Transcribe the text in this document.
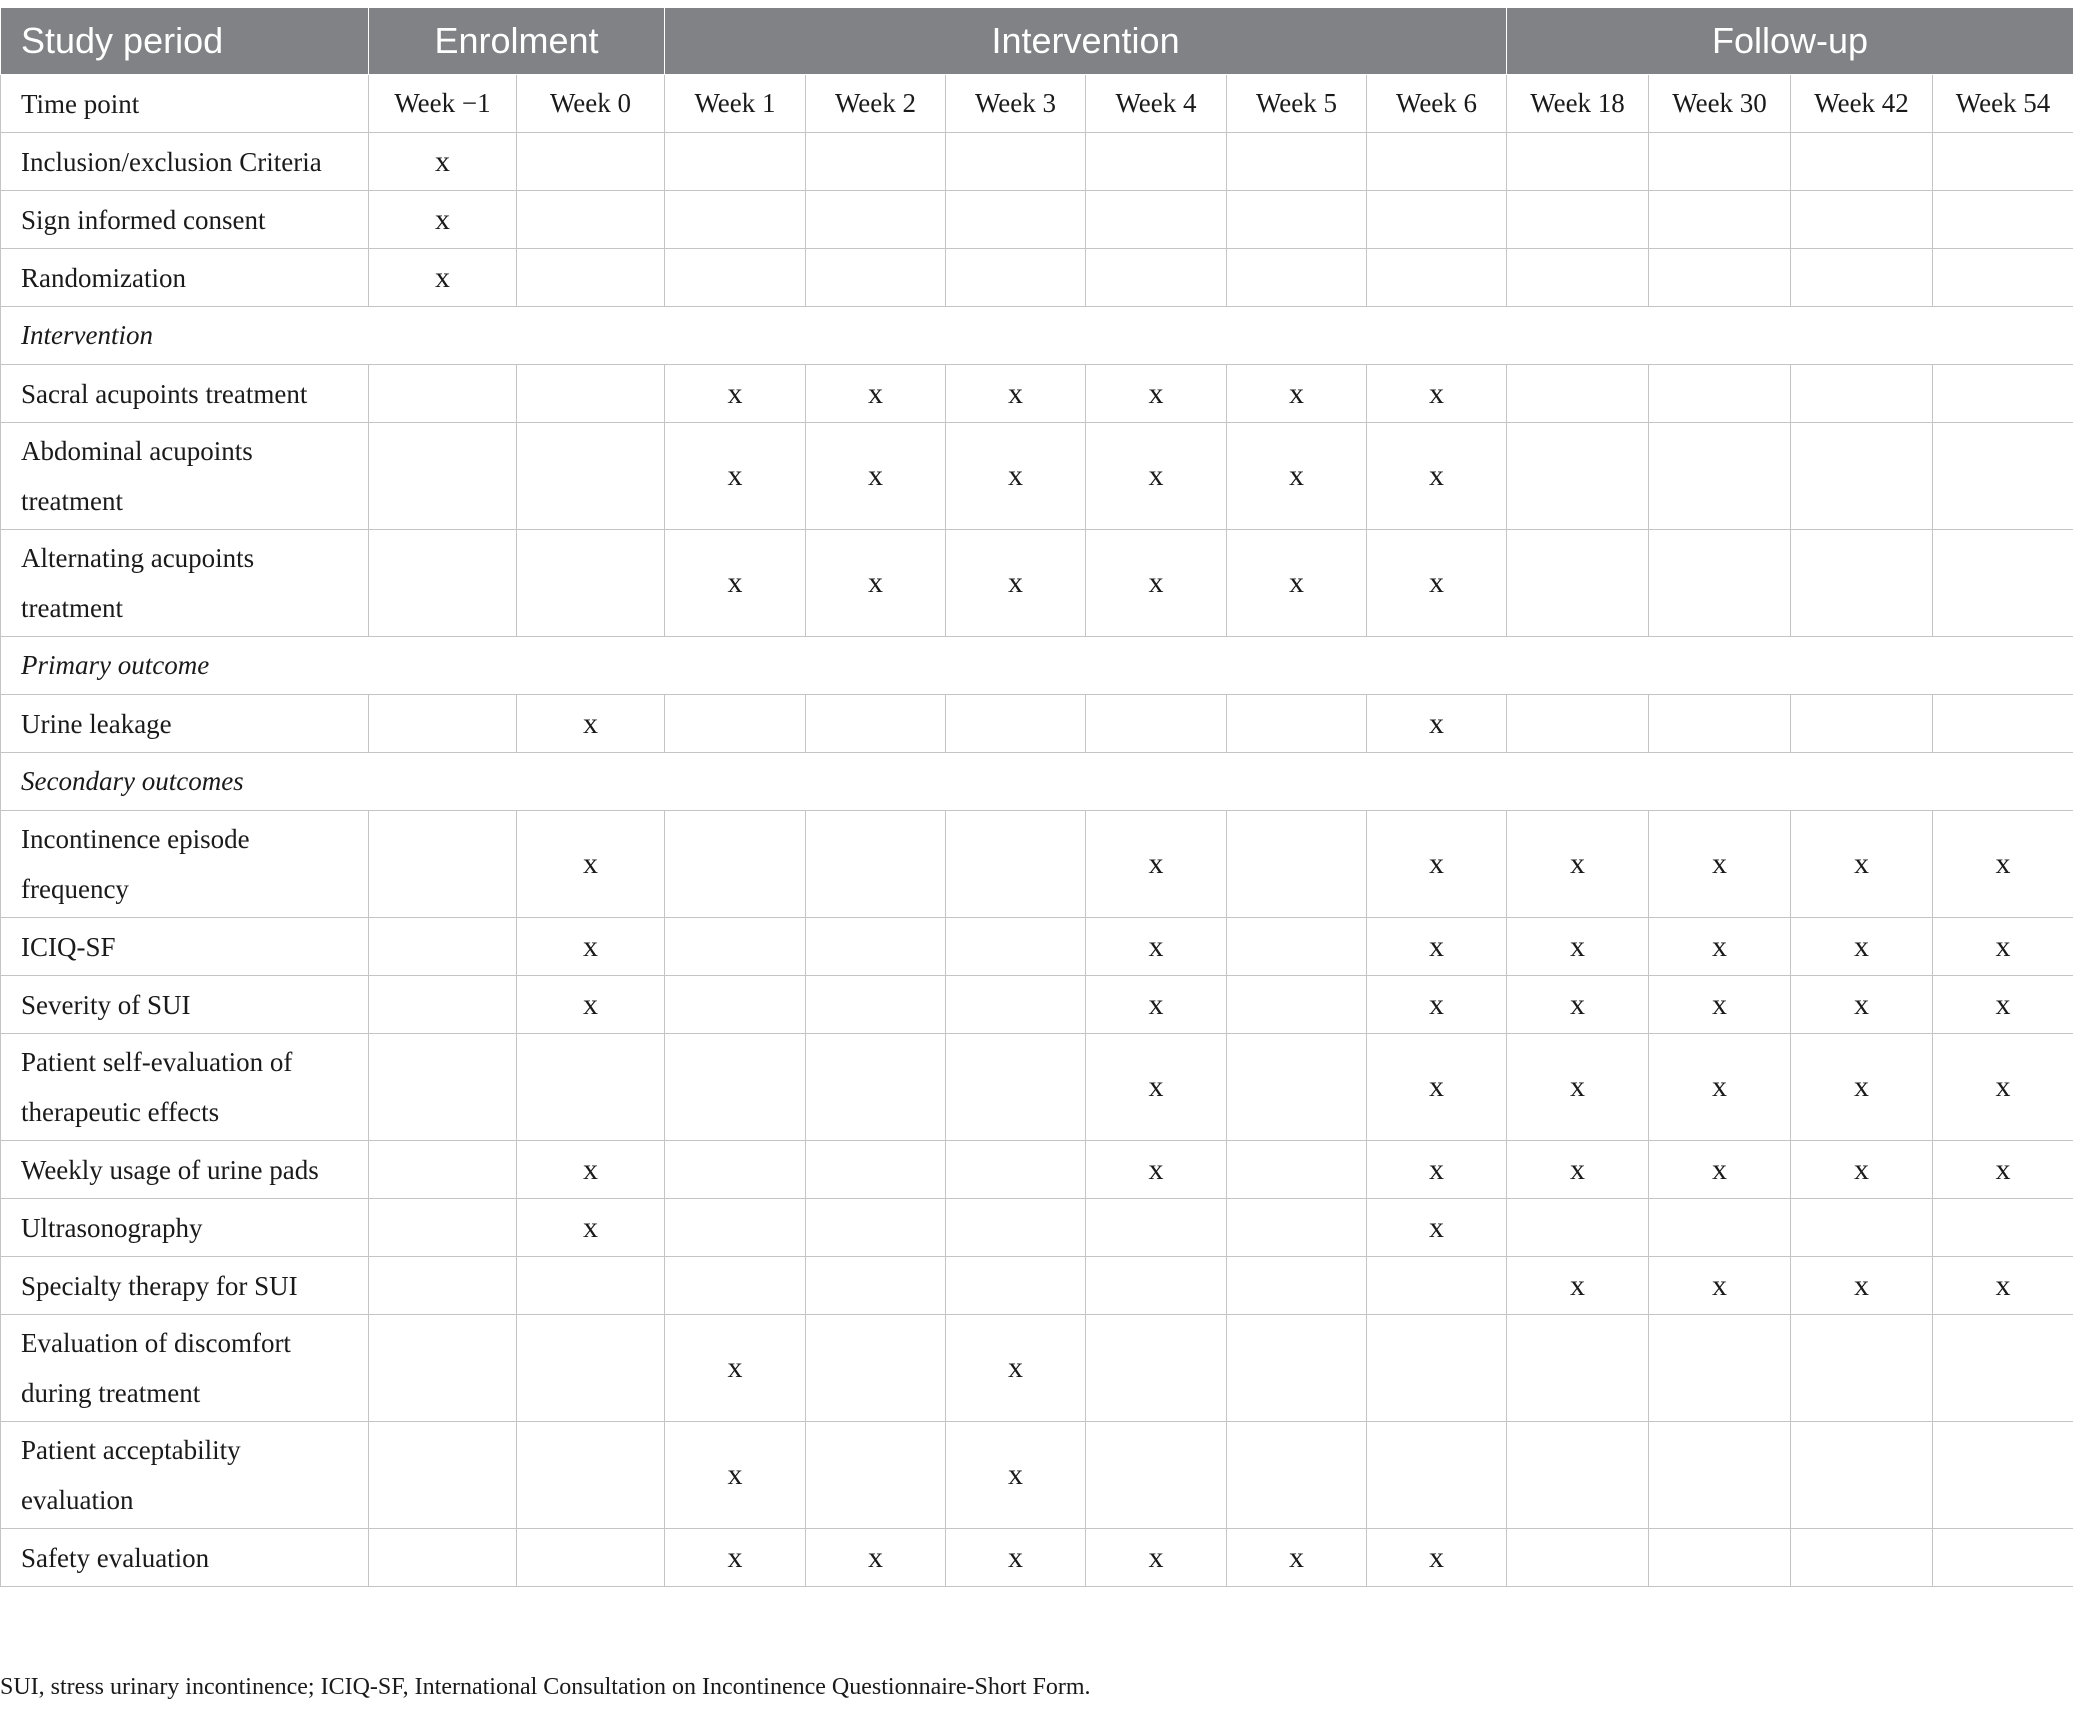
Study period	Enrolment		Intervention						Follow-up			
Time point	Week −1	Week 0	Week 1	Week 2	Week 3	Week 4	Week 5	Week 6	Week 18	Week 30	Week 42	Week 54
Inclusion/exclusion Criteria	x											
Sign informed consent	x											
Randomization	x											
Intervention												
Sacral acupoints treatment			x	x	x	x	x	x				
Abdominal acupoints treatment			x	x	x	x	x	x				
Alternating acupoints treatment			x	x	x	x	x	x				
Primary outcome												
Urine leakage		x						x				
Secondary outcomes												
Incontinence episode frequency		x				x		x	x	x	x	x
ICIQ-SF		x				x		x	x	x	x	x
Severity of SUI		x				x		x	x	x	x	x
Patient self-evaluation of therapeutic effects						x		x	x	x	x	x
Weekly usage of urine pads		x				x		x	x	x	x	x
Ultrasonography		x						x				
Specialty therapy for SUI									x	x	x	x
Evaluation of discomfort during treatment			x		x							
Patient acceptability evaluation			x		x							
Safety evaluation			x	x	x	x	x	x				
SUI, stress urinary incontinence; ICIQ-SF, International Consultation on Incontinence Questionnaire-Short Form.
